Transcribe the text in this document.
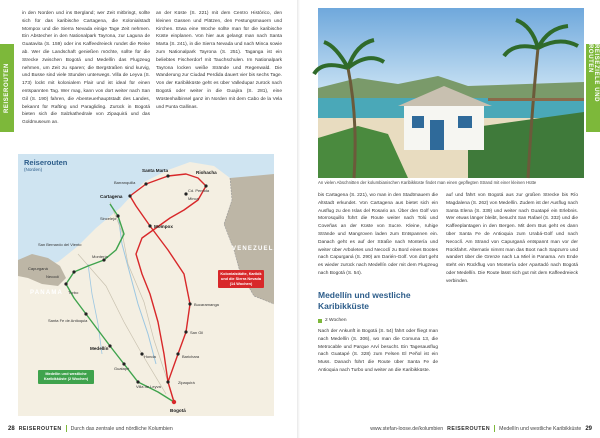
REISEROUTEN
in den Norden und ins Bergland; wer Zeit mitbringt, sollte sich für das karibische Cartagena, die Kolonialstadt Mompox und die Sierra Nevada einige Tage Zeit nehmen. Ein Abstecher in den Nationalpark Tayrona, zur Laguna de Guatavita (S. 159) oder ins Kaffeedreieck rundet die Reise ab. Wer die Landschaft genießen möchte, sollte für die Strecke zwischen Bogotá und Medellín das Flugzeug nehmen, um Zeit zu sparen; die Bergstraßen sind kurvig, und Busse sind viele Stunden unterwegs. Villa de Leyva (S. 173) lockt mit kolonialem Flair und ist ideal für einen entspannten Tag. Wer mag, kann von dort weiter nach San Gil (S. 190) fahren, die Abenteuerhauptstadt des Landes, bekannt für Rafting und Paragliding. Zurück in Bogotá bieten sich die Salzkathedrale von Zipaquirá und das Goldmuseum an.
an der Küste (S. 221) mit dem Centro Histórico, den kleinen Gassen und Plätzen, den Festungsmauern und Kirchen. Etwa eine Woche sollte man für die karibische Küste einplanen. Von hier aus gelangt man nach Santa Marta (S. 241), in die Sierra Nevada und nach Minca sowie zum Nationalpark Tayrona (S. 251). Taganga ist ein beliebtes Fischerdorf mit Tauchschulen. Im Nationalpark Tayrona locken weiße Strände und Regenwald. Die Wanderung zur Ciudad Perdida dauert vier bis sechs Tage. Von der Karibikküste geht es über Valledupar zurück nach Bogotá oder weiter in die Guajira (S. 281), eine Wüstenhalbinsel ganz im Norden mit dem Cabo de la Vela und Punta Gallinas.
Riohacha
Santa Marta
Barranquilla
Cartagena
Cd. Perdida
Minca
Mompox
Sincelejo
Montería
San Bernardo del Viento
Turbo
Capurganá
Necoclí
Santa Fe de Antioquia
Medellín
Guatapé
Bucaramanga
San Gil
Barichara
Villa de Leyva
Zipaquirá
Bogotá
Honda
PANAMA
VENEZUELA
Reiserouten
(Norden)
Kolonialstädte, Karibik und die Sierra Nevada (14 Wochen)
Medellín und westliche Karibikküste (2 Wochen)
28 REISEROUTEN Durch das zentrale und nördliche Kolumbien
REISEZIELE UND ROUTEN
An vielen Abschnitten der kolumbianischen Karibikküste findet man einen gepflegten Strand mit einer kleinen Hütte
bis Cartagena (S. 221), wo man in den Stadtmauern die Altstadt erkundet. Von Cartagena aus bietet sich ein Ausflug zu den Islas del Rosario an. Über den Golf von Morrosquillo führt die Route weiter nach Tolú und Coveñas an der Küste von Sucre. Kleine, ruhige Strände und Mangroven laden zum Entspannen ein. Danach geht es auf der Straße nach Montería und weiter über Arboletes und Necoclí zu Bord eines Bootes nach Capurganá (S. 290) am Darién-Golf. Von dort geht es wieder zurück nach Medellín oder mit dem Flugzeug nach Bogotá (S. 54).
Medellín und westliche Karibikküste
2 Wochen
Nach der Ankunft in Bogotá (S. 54) fährt oder fliegt man nach Medellín (S. 306), wo man die Comuna 13, die Metrocable und Parque Arví besucht. Ein Tagesausflug nach Guatapé (S. 328) zum Felsen El Peñol ist ein Muss. Danach führt die Route über Santa Fe de Antioquia nach Turbo und weiter an die Karibikküste.
auf und fährt von Bogotá aus zur großen Strecke bis Río Magdalena (S. 262) von Medellín. Zudem ist der Ausflug nach Santa Elena (S. 339) und weiter nach Guatapé ein Erlebnis. Wer etwas länger bleibt, besucht San Rafael (S. 332) und die Kaffeeplantagen in den Bergen. Mit dem Bus geht es dann über Santa Fe de Antioquia zum Urabá-Golf und nach Necoclí. Am Strand von Capurganá entspannt man vor der Rückfahrt. Alternativ nimmt man das Boot nach Sapzurro und wandert über die Grenze nach La Miel in Panama. Am Ende steht ein Rückflug von Montería oder Apartadó nach Bogotá oder Medellín. Die Route lässt sich gut mit dem Kaffeedreieck verbinden.
www.stefan-loose.de/kolumbien REISEROUTEN Medellín und westliche Karibikküste 29
